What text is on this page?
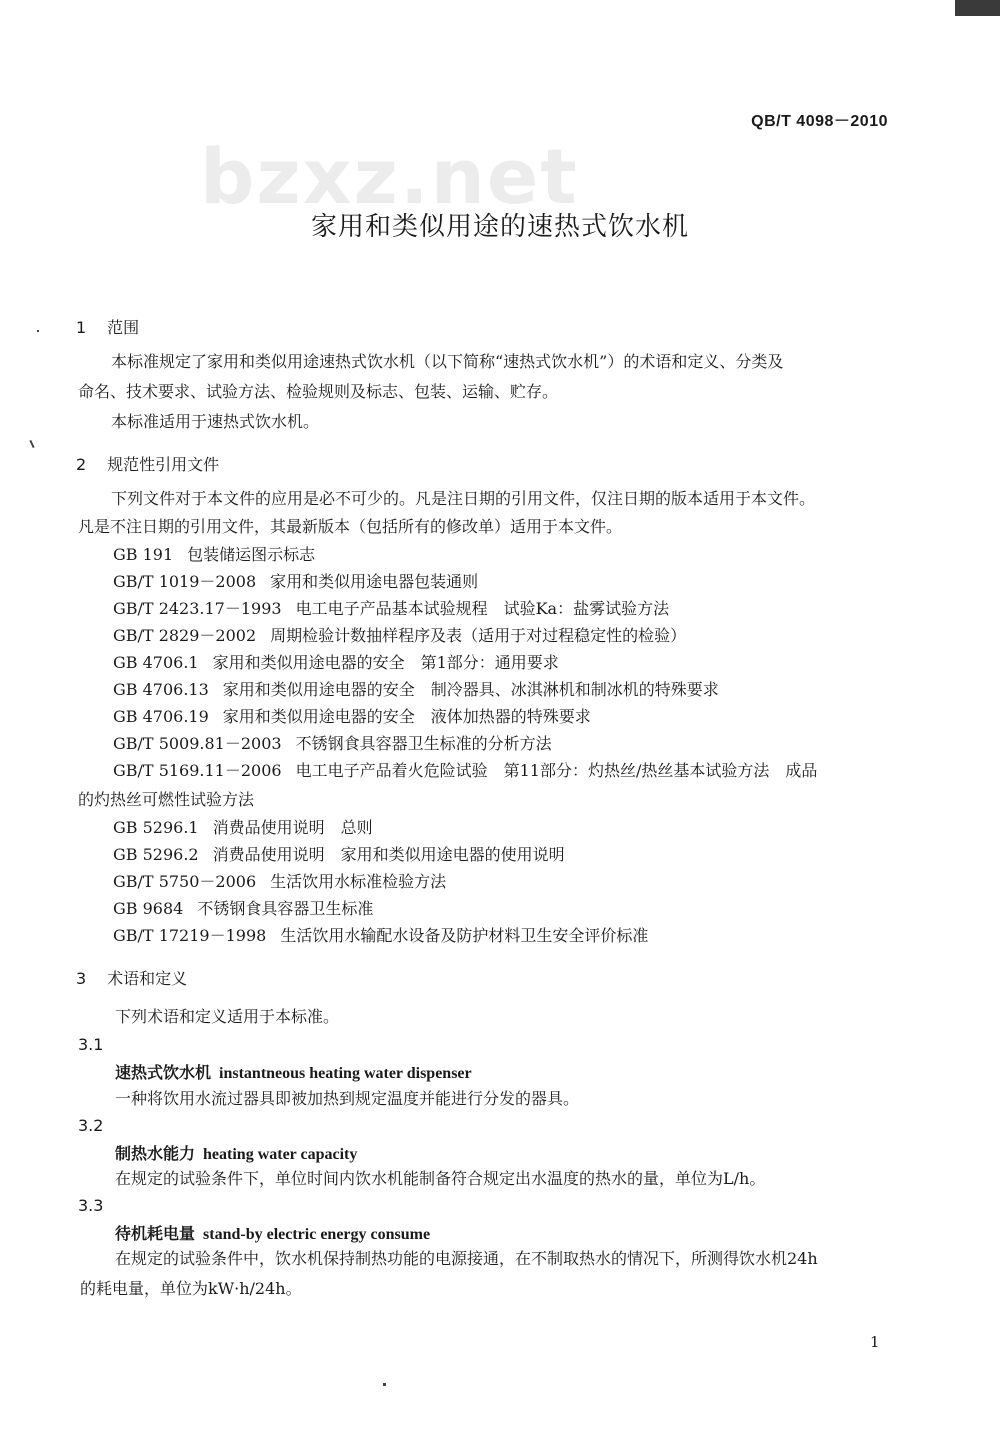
QB/T 4098－2010
bzxz.net
家用和类似用途的速热式饮水机
1 范围
本标准规定了家用和类似用途速热式饮水机（以下简称“速热式饮水机”）的术语和定义、分类及
命名、技术要求、试验方法、检验规则及标志、包装、运输、贮存。
本标准适用于速热式饮水机。
2 规范性引用文件
下列文件对于本文件的应用是必不可少的。凡是注日期的引用文件，仅注日期的版本适用于本文件。
凡是不注日期的引用文件，其最新版本（包括所有的修改单）适用于本文件。
GB 191 包装储运图示标志
GB/T 1019－2008 家用和类似用途电器包装通则
GB/T 2423.17－1993 电工电子产品基本试验规程　试验Ka：盐雾试验方法
GB/T 2829－2002 周期检验计数抽样程序及表（适用于对过程稳定性的检验）
GB 4706.1 家用和类似用途电器的安全　第1部分：通用要求
GB 4706.13 家用和类似用途电器的安全　制冷器具、冰淇淋机和制冰机的特殊要求
GB 4706.19 家用和类似用途电器的安全　液体加热器的特殊要求
GB/T 5009.81－2003 不锈钢食具容器卫生标准的分析方法
GB/T 5169.11－2006 电工电子产品着火危险试验　第11部分：灼热丝/热丝基本试验方法　成品
的灼热丝可燃性试验方法
GB 5296.1 消费品使用说明　总则
GB 5296.2 消费品使用说明　家用和类似用途电器的使用说明
GB/T 5750－2006 生活饮用水标准检验方法
GB 9684 不锈钢食具容器卫生标准
GB/T 17219－1998 生活饮用水输配水设备及防护材料卫生安全评价标准
3 术语和定义
下列术语和定义适用于本标准。
3.1
速热式饮水机 instantneous heating water dispenser
一种将饮用水流过器具即被加热到规定温度并能进行分发的器具。
3.2
制热水能力 heating water capacity
在规定的试验条件下，单位时间内饮水机能制备符合规定出水温度的热水的量，单位为L/h。
3.3
待机耗电量 stand-by electric energy consume
在规定的试验条件中，饮水机保持制热功能的电源接通，在不制取热水的情况下，所测得饮水机24h
的耗电量，单位为kW·h/24h。
1
